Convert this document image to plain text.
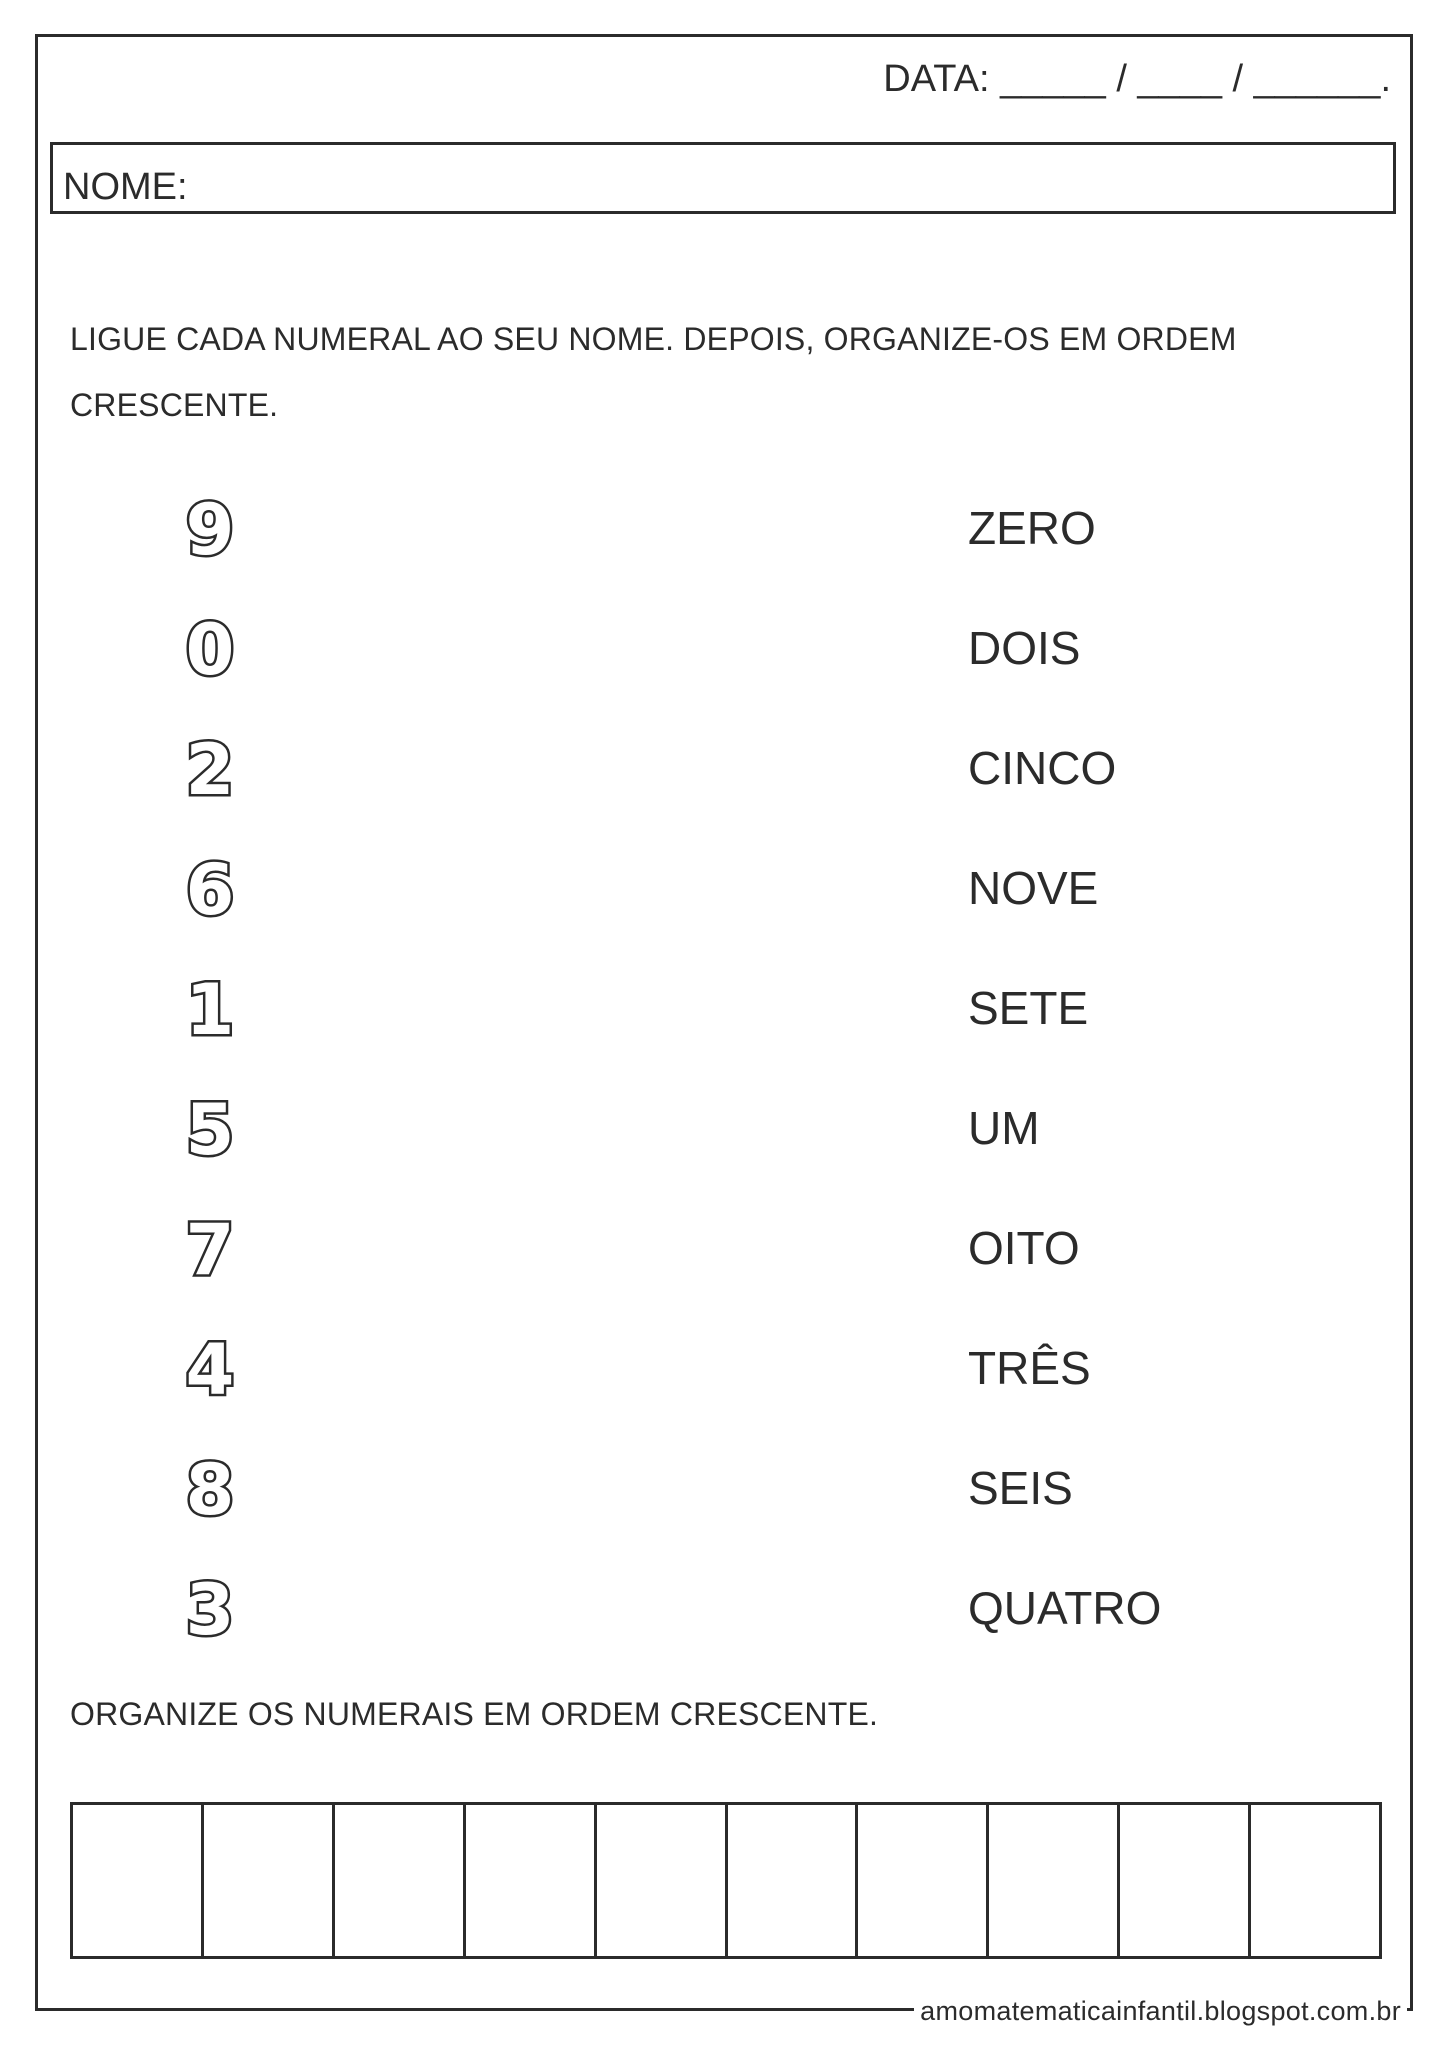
DATA: _____ / ____ / ______.
NOME:
LIGUE CADA NUMERAL AO SEU NOME. DEPOIS, ORGANIZE-OS EM ORDEM CRESCENTE.
9
0
2
6
1
5
7
4
8
3
ZERO
DOIS
CINCO
NOVE
SETE
UM
OITO
TRÊS
SEIS
QUATRO
ORGANIZE OS NUMERAIS EM ORDEM CRESCENTE.
amomatematicainfantil.blogspot.com.br
